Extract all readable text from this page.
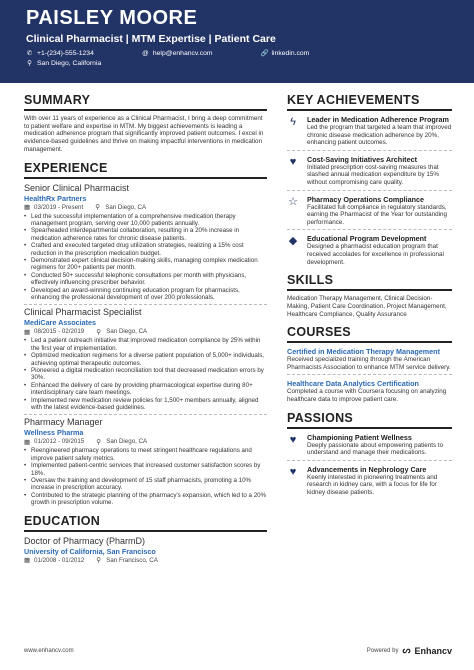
PAISLEY MOORE
Clinical Pharmacist | MTM Expertise | Patient Care
✆ +1-(234)-555-1234	@ help@enhancv.com	🔗 linkedin.com
⚲ San Diego, California
SUMMARY
With over 11 years of experience as a Clinical Pharmacist, I bring a deep commitment to patient welfare and expertise in MTM. My biggest achievements is leading a medication adherence program that significantly improved patient outcomes. I excel in evidence-based guidelines and thrive on making impactful interventions in medication management.
EXPERIENCE
Senior Clinical Pharmacist
HealthRx Partners
▦ 03/2019 - Present ⚲ San Diego, CA
• Led the successful implementation of a comprehensive medication therapy management program, serving over 10,000 patients annually.
• Spearheaded interdepartmental collaboration, resulting in a 20% increase in medication adherence rates for chronic disease patients.
• Crafted and executed targeted drug utilization strategies, realizing a 15% cost reduction in the prescription medication budget.
• Demonstrated expert clinical decision-making skills, managing complex medication regimens for 200+ patients per month.
• Conducted 50+ successful telephonic consultations per month with physicians, effectively influencing prescriber behavior.
• Developed an award-winning continuing education program for pharmacists, enhancing the professional development of over 200 professionals.
Clinical Pharmacist Specialist
MediCare Associates
▦ 08/2015 - 02/2019 ⚲ San Diego, CA
• Led a patient outreach initiative that improved medication compliance by 25% within the first year of implementation.
• Optimized medication regimens for a diverse patient population of 5,000+ individuals, achieving optimal therapeutic outcomes.
• Pioneered a digital medication reconciliation tool that decreased medication errors by 30%.
• Enhanced the delivery of care by providing pharmacological expertise during 80+ interdisciplinary care team meetings.
• Implemented new medication review policies for 1,500+ members annually, aligned with the latest evidence-based guidelines.
Pharmacy Manager
Wellness Pharma
▦ 01/2012 - 09/2015 ⚲ San Diego, CA
• Reengineered pharmacy operations to meet stringent healthcare regulations and improve patient safety metrics.
• Implemented patient-centric services that increased customer satisfaction scores by 18%.
• Oversaw the training and development of 15 staff pharmacists, promoting a 10% increase in prescription accuracy.
• Contributed to the strategic planning of the pharmacy's expansion, which led to a 20% growth in prescription volume.
EDUCATION
Doctor of Pharmacy (PharmD)
University of California, San Francisco
▦ 01/2008 - 01/2012 ⚲ San Francisco, CA
KEY ACHIEVEMENTS
ϟ	Leader in Medication Adherence Program
Led the program that targeted a team that improved chronic disease medication adherence by 20%, enhancing patient outcomes.
♥	Cost-Saving Initiatives Architect
Initiated prescription cost-saving measures that slashed annual medication expenditure by 15% without compromising care quality.
☆ Pharmacy Operations Compliance
Facilitated full compliance in regulatory standards, earning the Pharmacist of the Year for outstanding performance.
◆ Educational Program Development
Designed a pharmacist education program that received accolades for excellence in professional development.
SKILLS
Medication Therapy Management, Clinical Decision-Making, Patient Care Coordination, Project Management, Healthcare Compliance, Quality Assurance
COURSES
Certified in Medication Therapy Management
Received specialized training through the American Pharmacists Association to enhance MTM service delivery.
Healthcare Data Analytics Certification
Completed a course with Coursera focusing on analyzing healthcare data to improve patient care.
PASSIONS
♥	Championing Patient Wellness
Deeply passionate about empowering patients to understand and manage their medications.
♥	Advancements in Nephrology Care
Keenly interested in pioneering treatments and research in kidney care, with a focus for life for kidney disease patients.
www.enhancv.com	Powered by ᔕ Enhancv
